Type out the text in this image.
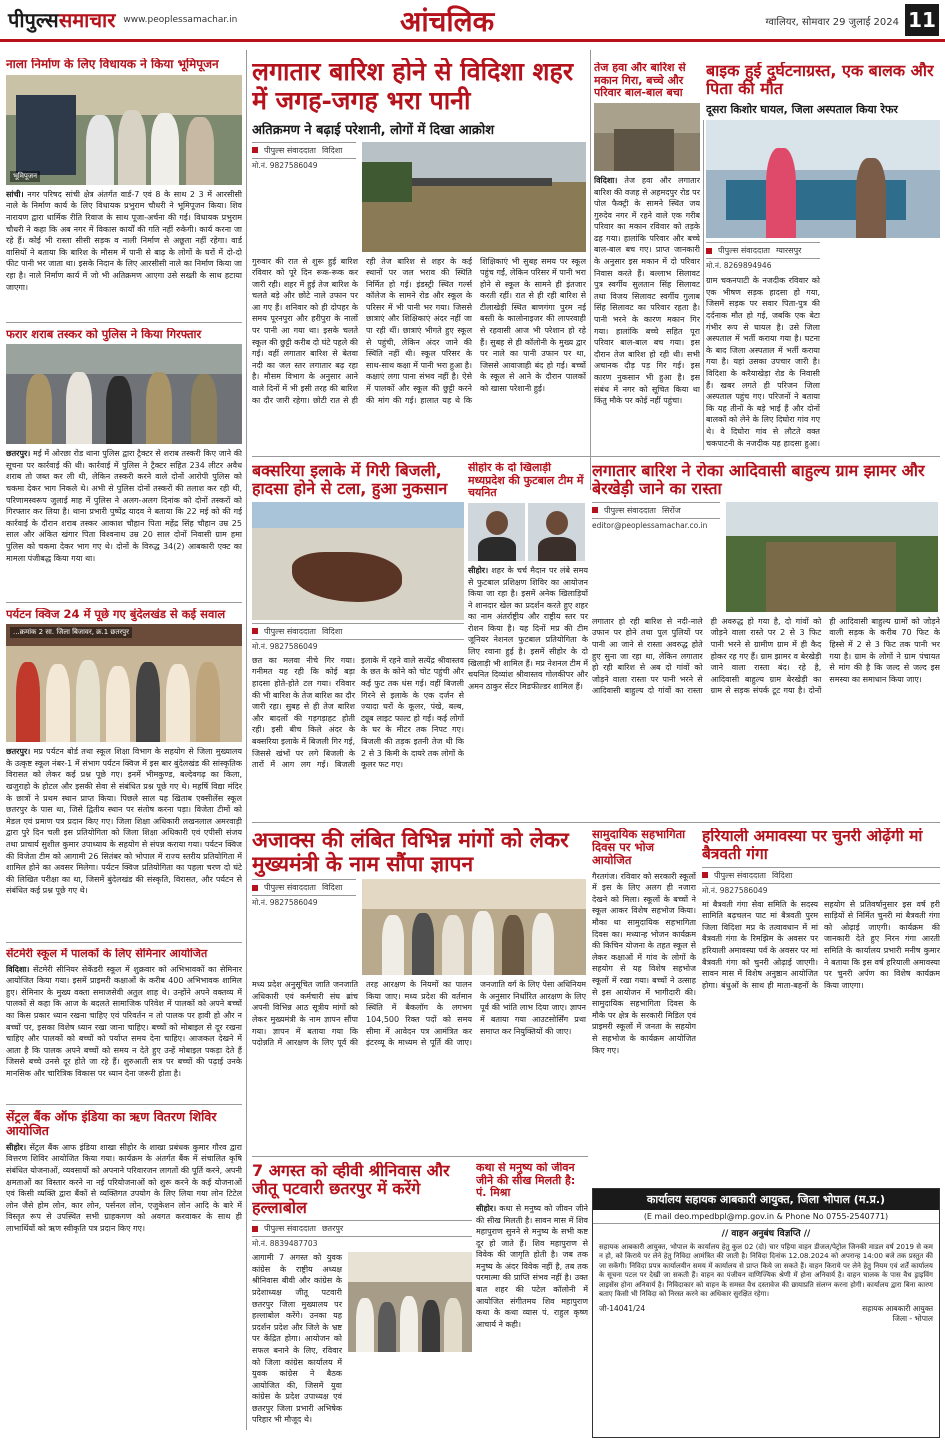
पीपुल्ससमाचार www.peoplessamachar.in	आंचलिक	ग्वालियर, सोमवार 29 जुलाई 2024 11
नाला निर्माण के लिए विधायक ने किया भूमिपूजन
भूमिपूजन
सांची। नगर परिषद सांची क्षेत्र अंतर्गत वार्ड-7 एवं 8 के साथ 2 3 में आरसीसी नाले के निर्माण कार्य के लिए विधायक प्रभुराम चौधरी ने भूमिपूजन किया। शिव नारायण द्वारा धार्मिक रीति रिवाज के साथ पूजा-अर्चना की गई। विधायक प्रभुराम चौधरी ने कहा कि अब नगर में विकास कार्यों की गति नहीं रुकेगी। कार्य करना जा रहे हैं। कोई भी रास्ता सीसी सड़क व नाली निर्माण से अछूता नहीं रहेगा। वार्ड वासियों ने बताया कि बारिश के मौसम में पानी से बाढ़ के लोगों के घरों में दो-दो फीट पानी भर जाता था। इसके निदान के लिए आरसीसी नाले का निर्माण किया जा रहा है। नाले निर्माण कार्य में जो भी अतिक्रमण आएगा उसे सख्ती के साथ हटाया जाएगा।
फरार शराब तस्कर को पुलिस ने किया गिरफ्तार
छतरपुर। मई में ओरछा रोड थाना पुलिस द्वारा ट्रैक्टर से शराब तस्करी किए जाने की सूचना पर कार्रवाई की थी। कार्रवाई में पुलिस ने ट्रैक्टर सहित 234 लीटर अवैध शराब तो जब्त कर ली थी, लेकिन तस्करी करने वाले दोनों आरोपी पुलिस को चकमा देकर भाग निकले थे। अभी से पुलिस दोनों तस्करों की तलाश कर रही थी, परिणामस्वरूप जुलाई माह में पुलिस ने अलग-अलग दिनांक को दोनों तस्करों को गिरफ्तार कर लिया है। थाना प्रभारी पुष्पेंद्र यादव ने बताया कि 22 मई को की गई कार्रवाई के दौरान शराब तस्कर आकाश चौहान पिता महेंद्र सिंह चौहान उम्र 25 साल और अंकित खंगार पिता विश्वनाथ उम्र 20 साल दोनों निवासी ग्राम हमा पुलिस को चकमा देकर भाग गए थे। दोनों के विरुद्ध 34(2) आबकारी एक्ट का मामला पंजीबद्ध किया गया था।
पर्यटन क्विज 24 में पूछे गए बुंदेलखंड से कई सवाल
...क्रमांक 2 सा. जिला बिजावर, क्र.1 छतरपुर
छतरपुर। मप्र पर्यटन बोर्ड तथा स्कूल शिक्षा विभाग के सहयोग से जिला मुख्यालय के उत्कृष्ट स्कूल नंबर-1 में संभाग पर्यटन क्विज में इस बार बुंदेलखंड की सांस्कृतिक विरासत को लेकर कई प्रश्न पूछे गए। इनमें भीमकुण्ड, बल्देवगढ़ का किला, खजुराहो के होटल और इसकी सेवा से संबंधित प्रश्न पूछे गए थे। महर्षि विद्या मंदिर के छात्रों ने प्रथम स्थान प्राप्त किया। पिछले साल यह खिताब एक्सीलेंस स्कूल छतरपुर के पास था, जिसे द्वितीय स्थान पर संतोष करना पड़ा। विजेता टीमों को मेडल एवं प्रमाण पत्र प्रदान किए गए। जिला शिक्षा अधिकारी लखनलाल अमरवाड़ी द्वारा पुरे दिन चली इस प्रतियोगिता को जिला शिक्षा अधिकारी एवं एपीसी संजय तथा प्राचार्य सुशील कुमार उपाध्याय के सहयोग से संपन्न कराया गया। पर्यटन क्विज की विजेता टीम को आगामी 26 सितंबर को भोपाल में राज्य स्तरीय प्रतियोगिता में शामिल होने का अवसर मिलेगा। पर्यटन क्विज प्रतियोगिता का पहला चरण दो घंटे की लिखित परीक्षा का था, जिसमें बुंदेलखंड की संस्कृति, विरासत, और पर्यटन से संबंधित कई प्रश्न पूछे गए थे।
सेंटमेरी स्कूल में पालकों के लिए सेमिनार आयोजित
विदिशा। सेंटमेरी सीनियर सेकेंडरी स्कूल में शुक्रवार को अभिभावकों का सेमिनार आयोजित किया गया। इसमें प्राइमरी कक्षाओं के करीब 400 अभिभावक शामिल हुए। सेमिनार के मुख्य वक्ता समाजसेवी अतुल शाह थे। उन्होंने अपने वक्तव्य में पालकों से कहा कि आज के बदलते सामाजिक परिवेश में पालकों को अपने बच्चों का किस प्रकार ध्यान रखना चाहिए एवं परिवर्तन न तो पालक पर हावी हो और न बच्चों पर, इसका विशेष ध्यान रखा जाना चाहिए। बच्चों को मोबाइल से दूर रखना चाहिए और पालकों को बच्चों को पर्याप्त समय देना चाहिए। आजकल देखने में आता है कि पालक अपने बच्चों को समय न देते हुए उन्हें मोबाइल पकड़ा देते हैं जिससे बच्चे उनसे दूर होते जा रहे हैं। शुरुआती सत्र पर बच्चों की पढ़ाई उनके मानसिक और चारित्रिक विकास पर ध्यान देना जरूरी होता है।
सेंट्रल बैंक ऑफ इंडिया का ऋण वितरण शिविर आयोजित
सीहोर। सेंट्रल बैंक आफ इंडिया शाखा सीहोर के शाखा प्रबंधक कुमार गौरव द्वारा वित्तरण शिविर आयोजित किया गया। कार्यक्रम के अंतर्गत बैंक में संचालित कृषि संबंधित योजनाओं, व्यवसायों को अपनाने परिवारजन लागतों की पूर्ति करने, अपनी क्षमताओं का विस्तार करने ना नई परियोजनाओं को शुरू करने के कई योजनाओं एवं किसी व्यक्ति द्वारा बैंकों से व्यक्तिगत उपयोग के लिए लिया गया लोन टिटेल लोन जैसे होम लोन, कार लोन, पर्सनल लोन, एजुकेशन लोन आदि के बारे में विस्तृत रूप से उपस्थित सभी ग्राहकगण को अवगत करवाकर के साथ ही लाभार्थियों को ऋण स्वीकृति पत्र प्रदान किए गए।
लगातार बारिश होने से विदिशा शहर में जगह-जगह भरा पानी
अतिक्रमण ने बढ़ाई परेशानी, लोगों में दिखा आक्रोश
पीपुल्स संवाददाता विदिशा
मो.नं. 9827586049
गुरुवार की रात से शुरू हुई बारिश रविवार को पूरे दिन रूक-रूक कर जारी रही। शहर में हुई तेज बारिश के चलते बड़े और छोटे नाले उफान पर आ गए हैं। शनिवार को ही दोपहर के समय पूरनपुरा और हरीपुरा के नालों पर पानी आ गया था। इसके चलते स्कूल की छुट्टी करीब दो घंटे पहले की गई। वहीं लगातार बारिश से बेतवा नदी का जल स्तर लगातार बढ़ रहा है। मौसम विभाग के अनुसार आने वाले दिनों में भी इसी तरह की बारिश का दौर जारी रहेगा। छोटी रात से ही रही तेज बारिश से शहर के कई स्थानों पर जल भराव की स्थिति निर्मित हो गई। इंडस्ट्री स्थित गर्ल्स कॉलेज के सामने रोड और स्कूल के परिसर में भी पानी भर गया। जिससे छात्राएं और शिक्षिकाएं अंदर नहीं जा पा रही थीं। छात्राएं भीगते हुए स्कूल से पहुंची, लेकिन अंदर जाने की स्थिति नहीं थी। स्कूल परिसर के साथ-साथ कक्षा में पानी भरा हुआ है। कक्षाएं लगा पाना संभव नहीं है। ऐसे में पालकों और स्कूल की छुट्टी करने की मांग की गई। हालात यह थे कि शिक्षिकाएं भी सुबह समय पर स्कूल पहुंच गईं, लेकिन परिसर में पानी भरा होने से स्कूल के सामने ही इंतजार करती रहीं। रात से ही रही बारिश से टीलाखेड़ी स्थित बाणगंगा पुरम नई बस्ती के कालोनाइजर की लापरवाही से रहवासी आज भी परेशान हो रहे हैं। सुबह से ही कॉलोनी के मुख्य द्वार पर नाले का पानी उफान पर था, जिससे आवाजाही बंद हो गई। बच्चों के स्कूल से आने के दौरान पालकों को खासा परेशानी हुई।
तेज हवा और बारिश से मकान गिरा, बच्चे और परिवार बाल-बाल बचा
विदिशा। तेज हवा और लगातार बारिश की वजह से अहमदपुर रोड पर पोल फैक्ट्री के सामने स्थित जय गुरुदेव नगर में रहने वाले एक गरीब परिवार का मकान रविवार को तड़के ढह गया। हालांकि परिवार और बच्चे बाल-बाल बच गए। प्राप्त जानकारी के अनुसार इस मकान में दो परिवार निवास करते हैं। बल्लाभ सिलावट पुत्र स्वर्गीय सुलतान सिंह सिलावट तथा विजय सिलावट स्वर्गीय गुलाब सिंह सिलावट का परिवार रहता है। पानी भरने के कारण मकान गिर गया। हालांकि बच्चे सहित पूरा परिवार बाल-बाल बच गया। इस दौरान तेज बारिश हो रही थी। सभी अचानक दौड़ पड़ गिर गई। इस कारण नुकसान भी हुआ है। इस संबंध में नगर को सूचित किया था किंतु मौके पर कोई नहीं पहुंचा।
बाइक हुई दुर्घटनाग्रस्त, एक बालक और पिता की मौत
दूसरा किशोर घायल, जिला अस्पताल किया रेफर
पीपुल्स संवाददाता ग्यारसपुर
मो.नं. 8269894946
ग्राम चकनपाटी के नजदीक रविवार को एक भीषण सड़क हादसा हो गया, जिसमें सड़क पर सवार पिता-पुत्र की दर्दनाक मौत हो गई, जबकि एक बेटा गंभीर रूप से घायल है। उसे जिला अस्पताल में भर्ती कराया गया है। घटना के बाद जिला अस्पताल में भर्ती कराया गया है। यहां उसका उपचार जारी है। विदिशा के करैयाखेड़ा रोड के निवासी हैं। खबर लगते ही परिजन जिला अस्पताल पहुंच गए। परिजनों ने बताया कि यह तीनों के बड़े भाई हैं और दोनों बालकों को लेने के लिए दिघोरा गांव गए थे। वे दिघोरा गांव से लौटते वक्त चकपाटनी के नजदीक यह हादसा हुआ।
बक्सरिया इलाके में गिरी बिजली, हादसा होने से टला, हुआ नुकसान
पीपुल्स संवाददाता विदिशा
मो.नं. 9827586049
छत का मलवा नीचे गिर गया। गनीमत यह रही कि कोई बड़ा हादसा होते-होते टल गया। रविवार की भी बारिश के तेज बारिश का दौर जारी रहा। सुबह से ही तेज बारिश और बादलों की गड़गड़ाहट होती रही। इसी बीच किले अंदर के बक्सरिया इलाके में बिजली गिर गई, जिससे खंभों पर लगे बिजली के तारों में आग लग गई। बिजली इलाके में रहने वाले सत्येंद्र श्रीवास्तव के छत के कोने को चोट पहुंची और कई फुट तक धंस गई। वहीं बिजली गिरने से इलाके के एक दर्जन से ज्यादा घरों के कूलर, पंखे, बल्ब, ट्यूब लाइट फाल्ट हो गईं। कई लोगों के घर के मीटर तक निपट गए। बिजली की तड़क इतनी तेज थी कि 2 से 3 किमी के दायरे तक लोगों के कूलर फट गए।
सीहोर के दो खिलाड़ी मध्यप्रदेश की फुटबाल टीम में चयनित
सीहोर। शहर के चर्च मैदान पर लंबे समय से फुटबाल प्रशिक्षण शिविर का आयोजन किया जा रहा है। इसमें अनेक खिलाड़ियों ने शानदार खेल का प्रदर्शन करते हुए शहर का नाम अंतर्राष्ट्रीय और राष्ट्रीय स्तर पर रोशन किया है। यह दिनों मप्र की टीम जूनियर नेशनल फुटबाल प्रतियोगिता के लिए रवाना हुई है। इसमें सीहोर के दो खिलाड़ी भी शामिल हैं। मप्र नेशनल टीम में चयनित दिव्यांश श्रीवास्तव गोलकीपर और अमन ठाकुर सेंटर मिडफील्डर शामिल हैं।
लगातार बारिश ने रोका आदिवासी बाहुल्य ग्राम झामर और बेरखेड़ी जाने का रास्ता
पीपुल्स संवाददाता सिरोंज
editor@peoplessamachar.co.in
लगातार हो रही बारिश से नदी-नाले उफान पर होने तथा पुल पुलियों पर पानी आ जाने से रास्ता अवरुद्ध होते हुए सुना जा रहा था, लेकिन लगातार हो रही बारिश से अब दो गांवों को जोड़ने वाला रास्ता पर पानी भरने से आदिवासी बाहुल्य दो गांवों का रास्ता ही अवरुद्ध हो गया है, दो गांवों को जोड़ने वाला रास्ते पर 2 से 3 फिट पानी भरने से ग्रामीण ग्राम में ही कैद होकर रह गए हैं। ग्राम झामर व बेरखेड़ी जाने वाला रास्ता बंद। रहे है, आदिवासी बाहुल्य ग्राम बेरखेड़ी का ग्राम से सड़क संपर्क टूट गया है। दोनों ही आदिवासी बाहुल्य ग्रामों को जोड़ने वाली सड़क के करीब 70 फिट के हिस्से में 2 से 3 फिट तक पानी भर गया है। ग्राम के लोगों ने ग्राम पंचायत से मांग की है कि जल्द से जल्द इस समस्या का समाधान किया जाए।
अजाक्स की लंबित विभिन्न मांगों को लेकर मुख्यमंत्री के नाम सौंपा ज्ञापन
पीपुल्स संवाददाता विदिशा
मो.नं. 9827586049
मध्य प्रदेश अनुसूचित जाति जनजाति अधिकारी एवं कर्मचारी संघ ब्रांच अपनी विभिन्न आठ सूत्रीय मांगों को लेकर मुख्यमंत्री के नाम ज्ञापन सौंपा गया। ज्ञापन में बताया गया कि पदोन्नति में आरक्षण के लिए पूर्व की तरह आरक्षण के नियमों का पालन किया जाए। मध्य प्रदेश की वर्तमान स्थिति में बैकलॉग के लगभग 104,500 रिक्त पदों को समय सीमा में आवेदन पत्र आमंत्रित कर इंटरव्यू के माध्यम से पूर्ति की जाए। जनजाति वर्ग के लिए पेसा अधिनियम के अनुसार निर्धारित आरक्षण के लिए पूर्व की भांति लाभ दिया जाए। ज्ञापन में बताया गया आउटसोर्सिंग प्रथा समाप्त कर नियुक्तियों की जाए।
सामुदायिक सहभागिता दिवस पर भोज आयोजित
गैरतगंज। रविवार को सरकारी स्कूलों में इस के लिए अलग ही नजारा देखने को मिला। स्कूलों के बच्चों ने स्कूल आकर विशेष सहभोज किया। मौका था सामुदायिक सहभागिता दिवस का। मध्यान्ह भोजन कार्यक्रम की किचिन योजना के तहत स्कूल से लेकर कक्षाओं में गांव के लोगों के सहयोग से यह विशेष सहभोज स्कूलों में रखा गया। बच्चों ने उत्साह से इस आयोजन में भागीदारी की। सामुदायिक सहभागिता दिवस के मौके पर क्षेत्र के सरकारी मिडिल एवं प्राइमरी स्कूलों में जनता के सहयोग से सहभोज के कार्यक्रम आयोजित किए गए।
हरियाली अमावस्या पर चुनरी ओढ़ेंगी मां बैत्रवती गंगा
पीपुल्स संवाददाता विदिशा
मो.नं. 9827586049
मां बैत्रवती गंगा सेवा समिति के सदस्य सामिति बढ़चलन पाट मां बैत्रवती पुरम जिला विदिशा मप्र के तत्वावधान में मां बैत्रवती गंगा के रिमझिम के अवसर पर हरियाली अमावस्या पर्व के अवसर पर मां बैत्रवती गंगा को चुनरी ओढ़ाई जाएगी। सावन मास में विशेष अनुष्ठान आयोजित होगा। बंधुओं के साथ ही माता-बहनों के सहयोग से प्रतिवर्षानुसार इस वर्ष हरी साड़ियों से निर्मित चुनरी मां बैत्रवती गंगा को ओढ़ाई जाएगी। कार्यक्रम की जानकारी देते हुए निरन गंगा आरती समिति के कार्यालय प्रभारी मनीष कुमार ने बताया कि इस वर्ष हरियाली अमावस्या पर चुनरी अर्पण का विशेष कार्यक्रम किया जाएगा।
7 अगस्त को व्हीवी श्रीनिवास और जीतू पटवारी छतरपुर में करेंगे हल्लाबोल
पीपुल्स संवाददाता छतरपुर
मो.नं. 8839487703
आगामी 7 अगस्त को युवक कांग्रेस के राष्ट्रीय अध्यक्ष श्रीनिवास बीवी और कांग्रेस के प्रदेशाध्यक्ष जीतू पटवारी छतरपुर जिला मुख्यालय पर हल्लाबोल करेंगे। उनका यह प्रदर्शन प्रदेश और जिले के भ्रष्ट पर केंद्रित होगा। आयोजन को सफल बनाने के लिए, रविवार को जिला कांग्रेस कार्यालय में युवक कांग्रेस ने बैठक आयोजित की, जिसमें युवा कांग्रेस के प्रदेश उपाध्यक्ष एवं छतरपुर जिला प्रभारी अभिषेक परिहार भी मौजूद थे।
कथा से मनुष्य को जीवन जीने की सीख मिलती है: पं. मिश्रा
सीहोर। कथा से मनुष्य को जीवन जीने की सीख मिलती है। सावन मास में शिव महापुराण सुनने से मनुष्य के सभी कष्ट दूर हो जाते हैं। शिव महापुराण से विवेक की जागृति होती है। जब तक मनुष्य के अंदर विवेक नहीं है, तब तक परमात्मा की प्राप्ति संभव नहीं है। उक्त बात शहर की पटेल कॉलोनी में आयोजित संगीतमय शिव महापुराण कथा के कथा व्यास पं. राहुल कृष्ण आचार्य ने कही।
कार्यालय सहायक आबकारी आयुक्त, जिला भोपाल (म.प्र.)
(E mail deo.mpedbpl@mp.gov.in & Phone No 0755-2540771)
// वाहन अनुबंध विज्ञप्ति //
सहायक आबकारी आयुक्त, भोपाल के कार्यालय हेतु कुल 02 (दो) चार पहिया वाहन डीजल/पेट्रोल जिनकी माडल वर्ष 2019 से कम न हो, को किराये पर लेने हेतु निविदा आमंत्रित की जाती है। निविदा दिनांक 12.08.2024 को अपरान्ह 14:00 बजे तक प्रस्तुत की जा सकेंगी। निविदा प्रपत्र कार्यालयीन समय में कार्यालय से प्राप्त किये जा सकते हैं। वाहन किराये पर लेने हेतु नियम एवं शर्तें कार्यालय के सूचना पटल पर देखी जा सकती हैं। वाहन का पंजीयन वाणिज्यिक श्रेणी में होना अनिवार्य है। वाहन चालक के पास वैध ड्राइविंग लाइसेंस होना अनिवार्य है। निविदाकार को वाहन के समस्त वैध दस्तावेज की छायाप्रति संलग्न करना होगी। कार्यालय द्वारा बिना कारण बताए किसी भी निविदा को निरस्त करने का अधिकार सुरक्षित रहेगा।
जी-14041/24	सहायक आबकारी आयुक्त
जिला - भोपाल
